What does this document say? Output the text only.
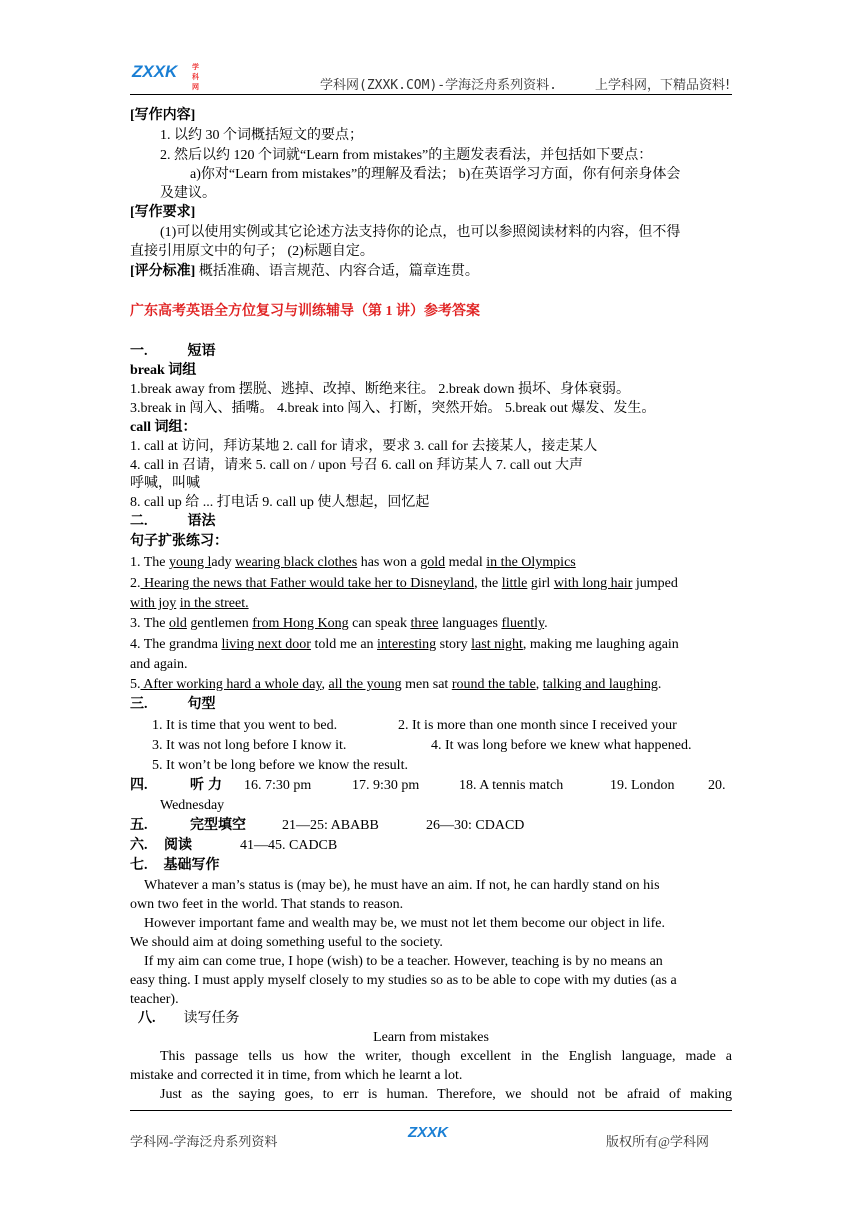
ZXXK 学科网	学科网(ZXXK.COM)-学海泛舟系列资料.	上学科网，下精品资料!
[写作内容]
1. 以约 30 个词概括短文的要点；
2. 然后以约 120 个词就“Learn from mistakes”的主题发表看法，并包括如下要点：
a)你对“Learn from mistakes”的理解及看法； b)在英语学习方面，你有何亲身体会
及建议。
[写作要求]
(1)可以使用实例或其它论述方法支持你的论点，也可以参照阅读材料的内容，但不得
直接引用原文中的句子； (2)标题自定。
[评分标准] 概括准确、语言规范、内容合适，篇章连贯。
广东高考英语全方位复习与训练辅导（第 1 讲）参考答案
一.	短语
break 词组
1.break away from 摆脱、逃掉、改掉、断绝来往。 2.break down 损坏、身体衰弱。
3.break in 闯入、插嘴。 4.break into 闯入、打断，突然开始。 5.break out 爆发、发生。
call 词组：
1. call at 访问，拜访某地 2. call for 请求，要求 3. call for 去接某人，接走某人
4. call in 召请，请来 5. call on / upon 号召 6. call on 拜访某人 7. call out 大声
呼喊，叫喊
8. call up 给 ... 打电话 9. call up 使人想起，回忆起
二.	语法
句子扩张练习：
1. The young lady wearing black clothes has won a gold medal in the Olympics
2. Hearing the news that Father would take her to Disneyland, the little girl with long hair jumped
with joy in the street.
3. The old gentlemen from Hong Kong can speak three languages fluently.
4. The grandma living next door told me an interesting story last night, making me laughing again
and again.
5. After working hard a whole day, all the young men sat round the table, talking and laughing.
三.	句型
1. It is time that you went to bed.	2. It is more than one month since I received your
3. It was not long before I know it.	4. It was long before we knew what happened.
5. It won’t be long before we know the result.
四.	听力 16. 7:30 pm	17. 9:30 pm	18. A tennis match	19. London 20.
Wednesday
五.	完型填空	21—25: ABABB	26—30: CDACD
六. 阅读	41—45. CADCB
七. 基础写作
Whatever a man’s status is (may be), he must have an aim. If not, he can hardly stand on his
own two feet in the world. That stands to reason.
However important fame and wealth may be, we must not let them become our object in life.
We should aim at doing something useful to the society.
If my aim can come true, I hope (wish) to be a teacher. However, teaching is by no means an
easy thing. I must apply myself closely to my studies so as to be able to cope with my duties (as a
teacher).
八. 读写任务
Learn from mistakes
This passage tells us how the writer, though excellent in the English language, made a
mistake and corrected it in time, from which he learnt a lot.
Just as the saying goes, to err is human. Therefore, we should not be afraid of making
学科网-学海泛舟系列资料
ZXXK
版权所有@学科网
